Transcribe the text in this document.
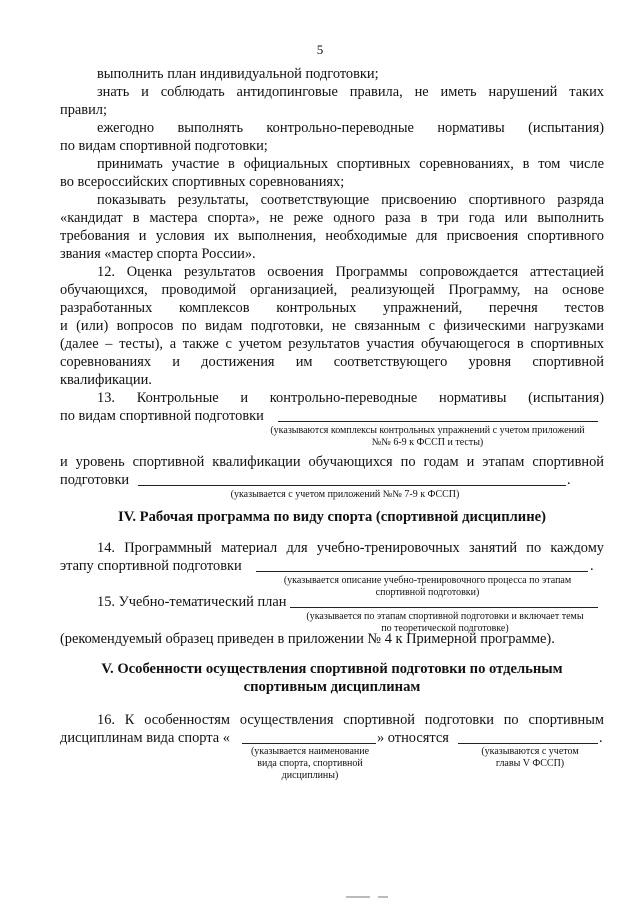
5
выполнить план индивидуальной подготовки;
знать и соблюдать антидопинговые правила, не иметь нарушений таких
правил;
ежегодно выполнять контрольно-переводные нормативы (испытания)
по видам спортивной подготовки;
принимать участие в официальных спортивных соревнованиях, в том числе
во всероссийских спортивных соревнованиях;
показывать результаты, соответствующие присвоению спортивного разряда
«кандидат в мастера спорта», не реже одного раза в три года или выполнить
требования и условия их выполнения, необходимые для присвоения спортивного
звания «мастер спорта России».
12. Оценка результатов освоения Программы сопровождается аттестацией
обучающихся, проводимой организацией, реализующей Программу, на основе
разработанных комплексов контрольных упражнений, перечня тестов
и (или) вопросов по видам подготовки, не связанным с физическими нагрузками
(далее – тесты), а также с учетом результатов участия обучающегося в спортивных
соревнованиях и достижения им соответствующего уровня спортивной
квалификации.
13. Контрольные и контрольно-переводные нормативы (испытания)
по видам спортивной подготовки
(указываются комплексы контрольных упражнений с учетом приложений
№№ 6-9 к ФССП и тесты)
и уровень спортивной квалификации обучающихся по годам и этапам спортивной
подготовки	.
(указывается с учетом приложений №№ 7-9 к ФССП)
IV. Рабочая программа по виду спорта (спортивной дисциплине)
14. Программный материал для учебно-тренировочных занятий по каждому
этапу спортивной подготовки	.
(указывается описание учебно-тренировочного процесса по этапам
спортивной подготовки)
15. Учебно-тематический план
(указывается по этапам спортивной подготовки и включает темы
по теоретической подготовке)
(рекомендуемый образец приведен в приложении № 4 к Примерной программе).
V. Особенности осуществления спортивной подготовки по отдельным
спортивным дисциплинам
16. К особенностям осуществления спортивной подготовки по спортивным
дисциплинам вида спорта «	» относятся	.
(указывается наименование
вида спорта, спортивной
дисциплины)
(указываются с учетом
главы V ФССП)
